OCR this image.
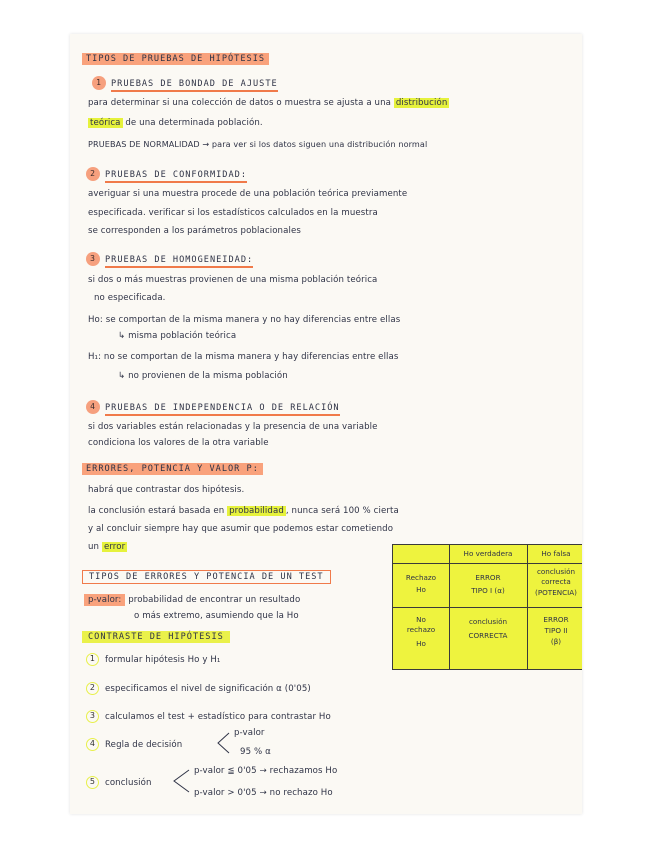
TIPOS DE PRUEBAS DE HIPÓTESIS
1 PRUEBAS DE BONDAD DE AJUSTE
para determinar si una colección de datos o muestra se ajusta a una distribución
teórica de una determinada población.
PRUEBAS DE NORMALIDAD → para ver si los datos siguen una distribución normal
2 PRUEBAS DE CONFORMIDAD:
averiguar si una muestra procede de una población teórica previamente
especificada. verificar si los estadísticos calculados en la muestra
se corresponden a los parámetros poblacionales
3 PRUEBAS DE HOMOGENEIDAD:
si dos o más muestras provienen de una misma población teórica
no especificada.
Ho: se comportan de la misma manera y no hay diferencias entre ellas
↳ misma población teórica
H₁: no se comportan de la misma manera y hay diferencias entre ellas
↳ no provienen de la misma población
4 PRUEBAS DE INDEPENDENCIA O DE RELACIÓN
si dos variables están relacionadas y la presencia de una variable
condiciona los valores de la otra variable
ERRORES, POTENCIA Y VALOR P:
habrá que contrastar dos hipótesis.
la conclusión estará basada en probabilidad , nunca será 100 % cierta
y al concluir siempre hay que asumir que podemos estar cometiendo
un error
TIPOS DE ERRORES Y POTENCIA DE UN TEST
p-valor: probabilidad de encontrar un resultado
o más extremo, asumiendo que la Ho
Ho verdadera	Ho falsa
Rechazo
Ho
ERROR
TIPO I (α)
conclusión
correcta
(POTENCIA)
No
rechazo
Ho
conclusión
CORRECTA
ERROR
TIPO II
(β)
CONTRASTE DE HIPÓTESIS
1 formular hipótesis Ho y H₁
2 especificamos el nivel de significación α (0'05)
3 calculamos el test + estadístico para contrastar Ho
4 Regla de decisión
p-valor
95 % α
5 conclusión
p-valor ≦ 0'05 → rechazamos Ho
p-valor > 0'05 → no rechazo Ho
